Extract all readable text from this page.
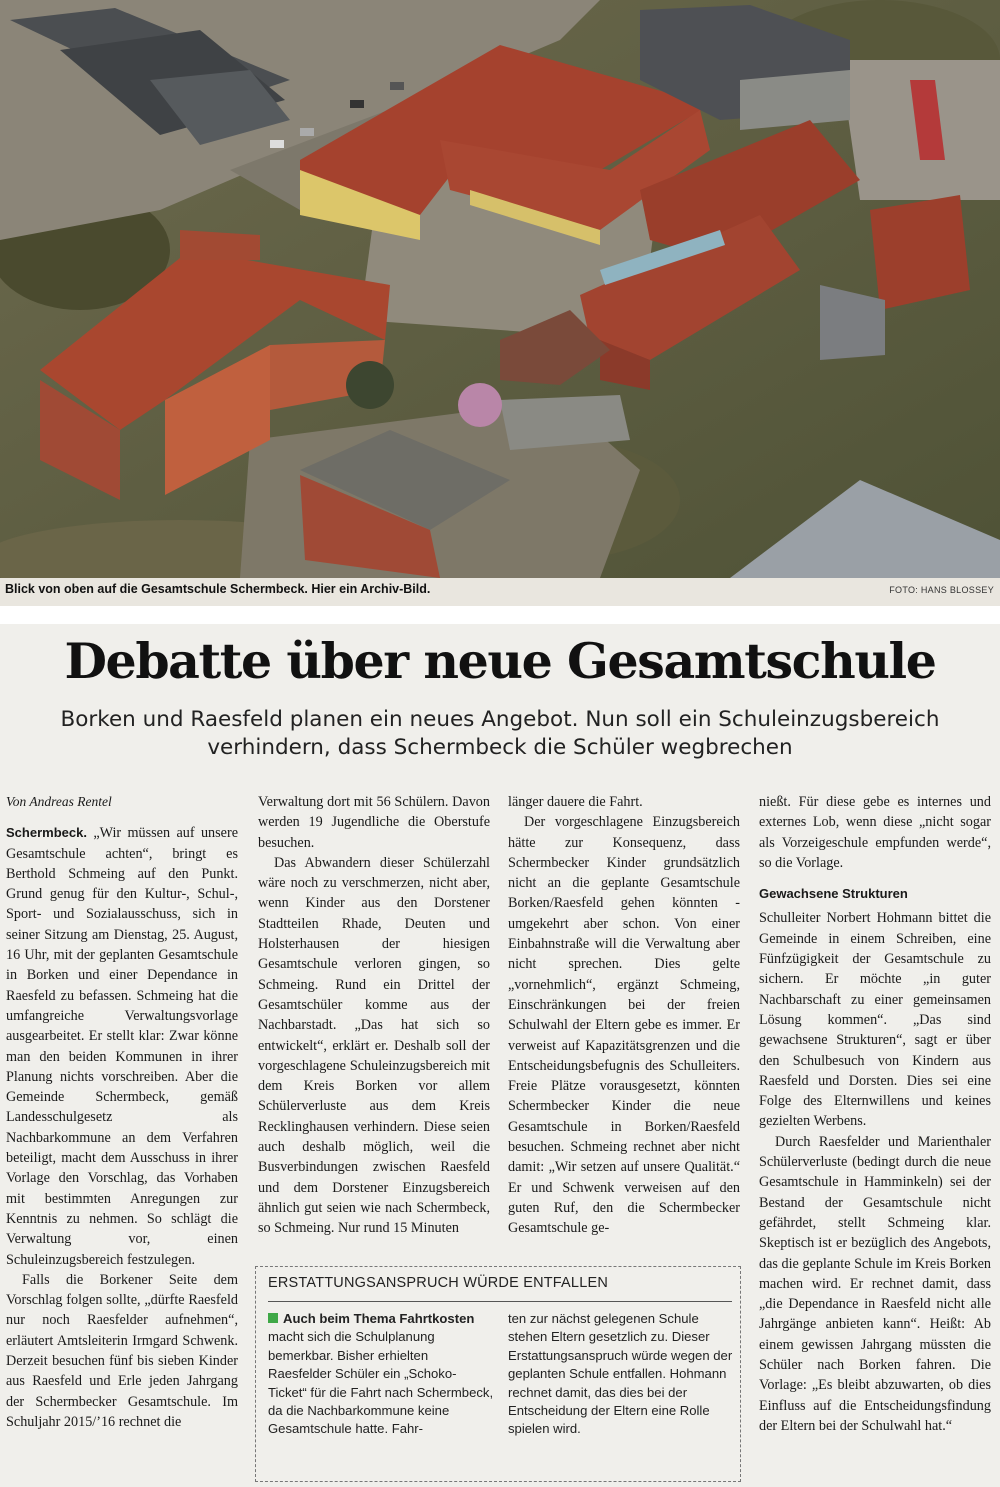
Blick von oben auf die Gesamtschule Schermbeck. Hier ein Archiv-Bild.	FOTO: HANS BLOSSEY
Debatte über neue Gesamtschule
Borken und Raesfeld planen ein neues Angebot. Nun soll ein Schuleinzugsbereich
verhindern, dass Schermbeck die Schüler wegbrechen

Von Andreas Rentel

Schermbeck. „Wir müssen auf unsere Gesamtschule achten“, bringt es Berthold Schmeing auf den Punkt. Grund genug für den Kultur-, Schul-, Sport- und Sozialausschuss, sich in seiner Sitzung am Dienstag, 25. August, 16 Uhr, mit der geplanten Gesamtschule in Borken und einer Dependance in Raesfeld zu befassen. Schmeing hat die umfangreiche Verwaltungsvorlage ausgearbeitet. Er stellt klar: Zwar könne man den beiden Kommunen in ihrer Planung nichts vorschreiben. Aber die Gemeinde Schermbeck, gemäß Landesschulgesetz als Nachbarkommune an dem Verfahren beteiligt, macht dem Ausschuss in ihrer Vorlage den Vorschlag, das Vorhaben mit bestimmten Anregungen zur Kenntnis zu nehmen. So schlägt die Verwaltung vor, einen Schuleinzugsbereich festzulegen.

Falls die Borkener Seite dem Vorschlag folgen sollte, „dürfte Raesfeld nur noch Raesfelder aufnehmen“, erläutert Amtsleiterin Irmgard Schwenk. Derzeit besuchen fünf bis sieben Kinder aus Raesfeld und Erle jeden Jahrgang der Schermbecker Gesamtschule. Im Schuljahr 2015/’16 rechnet die

Verwaltung dort mit 56 Schülern. Davon werden 19 Jugendliche die Oberstufe besuchen.

Das Abwandern dieser Schülerzahl wäre noch zu verschmerzen, nicht aber, wenn Kinder aus den Dorstener Stadtteilen Rhade, Deuten und Holsterhausen der hiesigen Gesamtschule verloren gingen, so Schmeing. Rund ein Drittel der Gesamtschüler komme aus der Nachbarstadt. „Das hat sich so entwickelt“, erklärt er. Deshalb soll der vorgeschlagene Schuleinzugsbereich mit dem Kreis Borken vor allem Schülerverluste aus dem Kreis Recklinghausen verhindern. Diese seien auch deshalb möglich, weil die Busverbindungen zwischen Raesfeld und dem Dorstener Einzugsbereich ähnlich gut seien wie nach Schermbeck, so Schmeing. Nur rund 15 Minuten

länger dauere die Fahrt.

Der vorgeschlagene Einzugsbereich hätte zur Konsequenz, dass Schermbecker Kinder grundsätzlich nicht an die geplante Gesamtschule Borken/Raesfeld gehen könnten - umgekehrt aber schon. Von einer Einbahnstraße will die Verwaltung aber nicht sprechen. Dies gelte „vornehmlich“, ergänzt Schmeing, Einschränkungen bei der freien Schulwahl der Eltern gebe es immer. Er verweist auf Kapazitätsgrenzen und die Entscheidungsbefugnis des Schulleiters. Freie Plätze vorausgesetzt, könnten Schermbecker Kinder die neue Gesamtschule in Borken/Raesfeld besuchen. Schmeing rechnet aber nicht damit: „Wir setzen auf unsere Qualität.“ Er und Schwenk verweisen auf den guten Ruf, den die Schermbecker Gesamtschule ge-

nießt. Für diese gebe es internes und externes Lob, wenn diese „nicht sogar als Vorzeigeschule empfunden werde“, so die Vorlage.

Gewachsene Strukturen

Schulleiter Norbert Hohmann bittet die Gemeinde in einem Schreiben, eine Fünfzügigkeit der Gesamtschule zu sichern. Er möchte „in guter Nachbarschaft zu einer gemeinsamen Lösung kommen“. „Das sind gewachsene Strukturen“, sagt er über den Schulbesuch von Kindern aus Raesfeld und Dorsten. Dies sei eine Folge des Elternwillens und keines gezielten Werbens.

Durch Raesfelder und Marienthaler Schülerverluste (bedingt durch die neue Gesamtschule in Hamminkeln) sei der Bestand der Gesamtschule nicht gefährdet, stellt Schmeing klar. Skeptisch ist er bezüglich des Angebots, das die geplante Schule im Kreis Borken machen wird. Er rechnet damit, dass „die Dependance in Raesfeld nicht alle Jahrgänge anbieten kann“. Heißt: Ab einem gewissen Jahrgang müssten die Schüler nach Borken fahren. Die Vorlage: „Es bleibt abzuwarten, ob dies Einfluss auf die Entscheidungsfindung der Eltern bei der Schulwahl hat.“

ERSTATTUNGSANSPRUCH WÜRDE ENTFALLEN
Auch beim Thema Fahrtkosten macht sich die Schulplanung bemerkbar. Bisher erhielten Raesfelder Schüler ein „Schoko-Ticket“ für die Fahrt nach Schermbeck, da die Nachbarkommune keine Gesamtschule hatte. Fahr-
ten zur nächst gelegenen Schule stehen Eltern gesetzlich zu. Dieser Erstattungsanspruch würde wegen der geplanten Schule entfallen. Hohmann rechnet damit, das dies bei der Entscheidung der Eltern eine Rolle spielen wird.
